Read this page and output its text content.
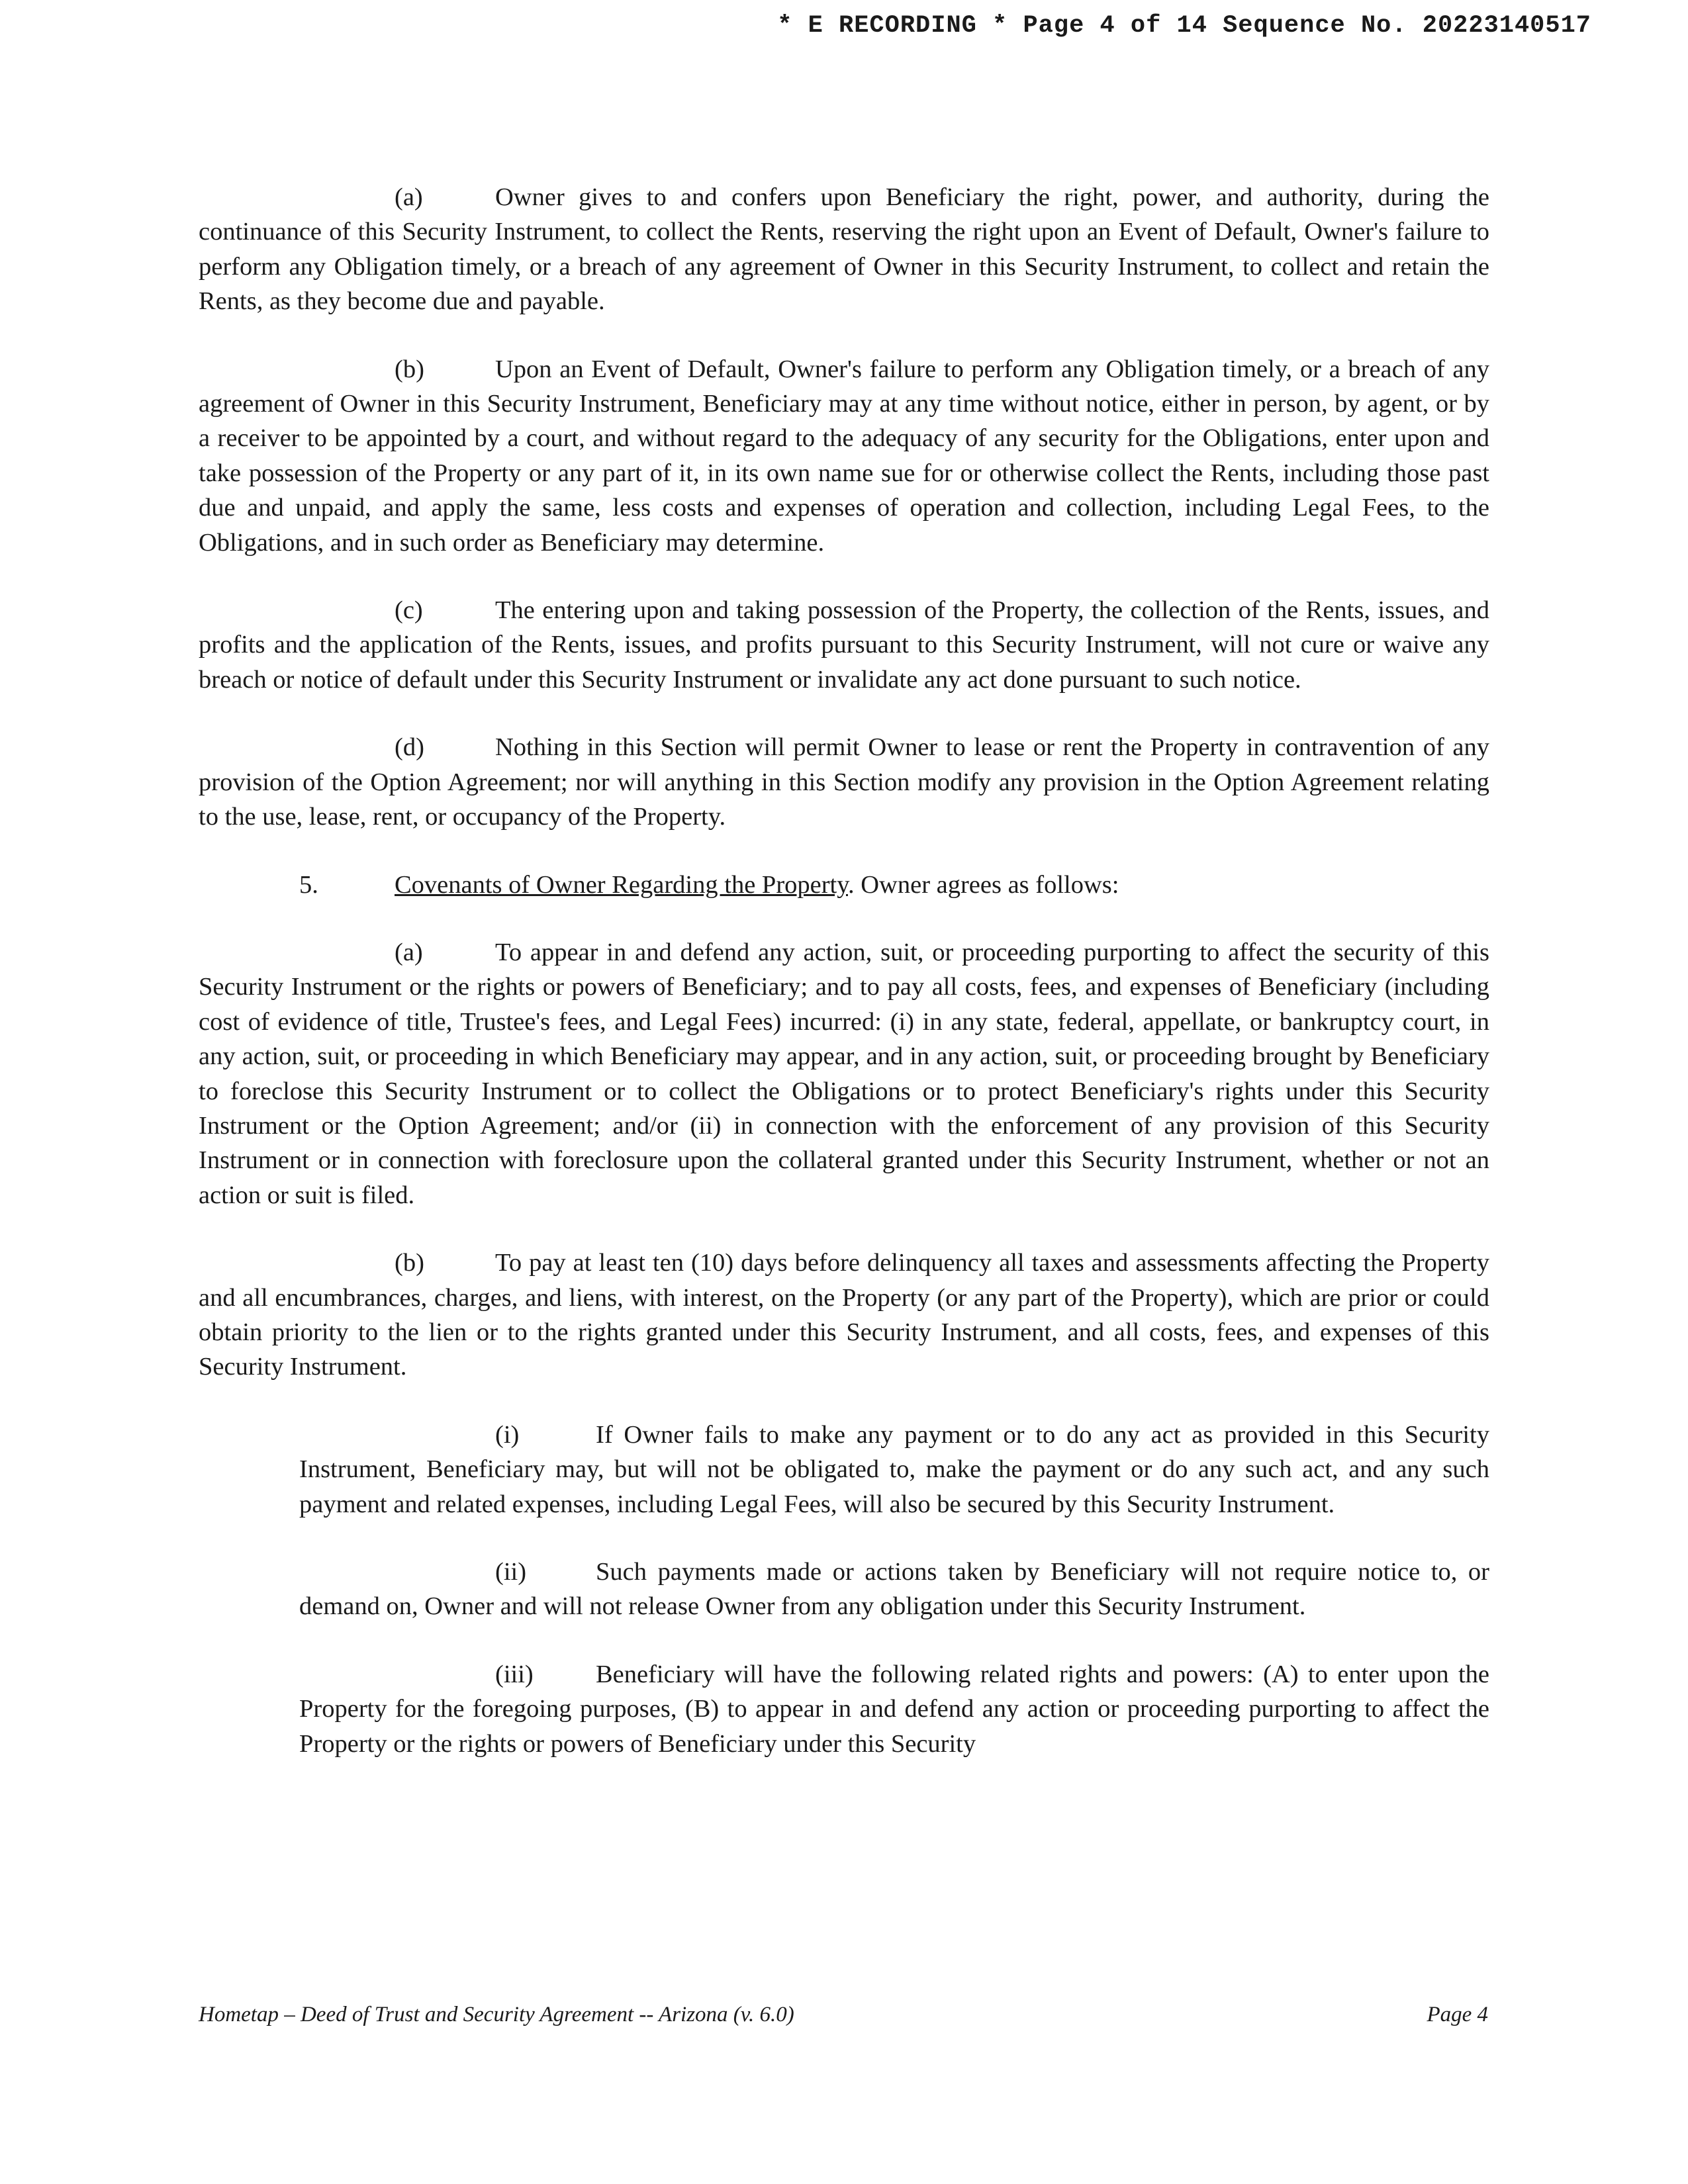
* E RECORDING * Page 4 of 14 Sequence No. 20223140517

(a)	Owner gives to and confers upon Beneficiary the right, power, and authority, during the continuance of this Security Instrument, to collect the Rents, reserving the right upon an Event of Default, Owner's failure to perform any Obligation timely, or a breach of any agreement of Owner in this Security Instrument, to collect and retain the Rents, as they become due and payable.

(b)	Upon an Event of Default, Owner's failure to perform any Obligation timely, or a breach of any agreement of Owner in this Security Instrument, Beneficiary may at any time without notice, either in person, by agent, or by a receiver to be appointed by a court, and without regard to the adequacy of any security for the Obligations, enter upon and take possession of the Property or any part of it, in its own name sue for or otherwise collect the Rents, including those past due and unpaid, and apply the same, less costs and expenses of operation and collection, including Legal Fees, to the Obligations, and in such order as Beneficiary may determine.

(c)	The entering upon and taking possession of the Property, the collection of the Rents, issues, and profits and the application of the Rents, issues, and profits pursuant to this Security Instrument, will not cure or waive any breach or notice of default under this Security Instrument or invalidate any act done pursuant to such notice.

(d)	Nothing in this Section will permit Owner to lease or rent the Property in contravention of any provision of the Option Agreement; nor will anything in this Section modify any provision in the Option Agreement relating to the use, lease, rent, or occupancy of the Property.

5.	Covenants of Owner Regarding the Property. Owner agrees as follows:

(a)	To appear in and defend any action, suit, or proceeding purporting to affect the security of this Security Instrument or the rights or powers of Beneficiary; and to pay all costs, fees, and expenses of Beneficiary (including cost of evidence of title, Trustee's fees, and Legal Fees) incurred: (i) in any state, federal, appellate, or bankruptcy court, in any action, suit, or proceeding in which Beneficiary may appear, and in any action, suit, or proceeding brought by Beneficiary to foreclose this Security Instrument or to collect the Obligations or to protect Beneficiary's rights under this Security Instrument or the Option Agreement; and/or (ii) in connection with the enforcement of any provision of this Security Instrument or in connection with foreclosure upon the collateral granted under this Security Instrument, whether or not an action or suit is filed.

(b)	To pay at least ten (10) days before delinquency all taxes and assessments affecting the Property and all encumbrances, charges, and liens, with interest, on the Property (or any part of the Property), which are prior or could obtain priority to the lien or to the rights granted under this Security Instrument, and all costs, fees, and expenses of this Security Instrument.

(i)	If Owner fails to make any payment or to do any act as provided in this Security Instrument, Beneficiary may, but will not be obligated to, make the payment or do any such act, and any such payment and related expenses, including Legal Fees, will also be secured by this Security Instrument.

(ii)	Such payments made or actions taken by Beneficiary will not require notice to, or demand on, Owner and will not release Owner from any obligation under this Security Instrument.

(iii) Beneficiary will have the following related rights and powers: (A) to enter upon the Property for the foregoing purposes, (B) to appear in and defend any action or proceeding purporting to affect the Property or the rights or powers of Beneficiary under this Security

Hometap – Deed of Trust and Security Agreement -- Arizona (v. 6.0)	Page 4
